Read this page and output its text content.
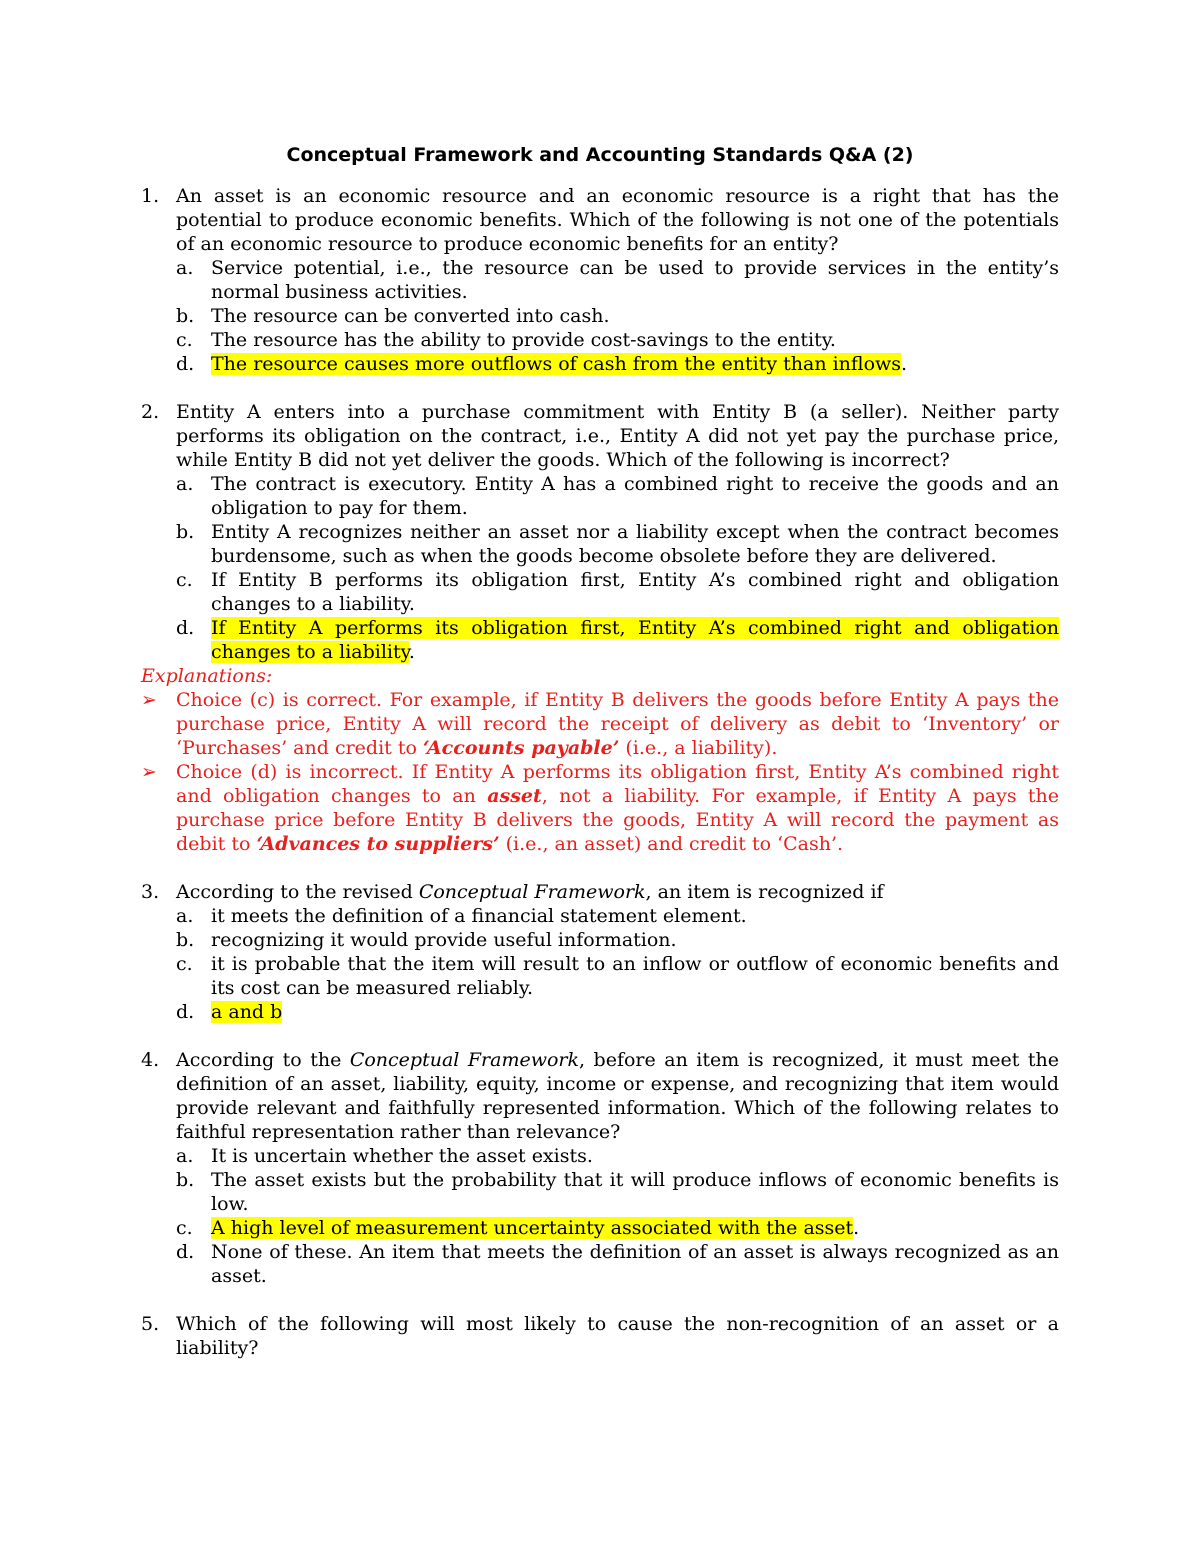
Conceptual Framework and Accounting Standards Q&A (2)
1. An asset is an economic resource and an economic resource is a right that has the potential to produce economic benefits. Which of the following is not one of the potentials of an economic resource to produce economic benefits for an entity?
a. Service potential, i.e., the resource can be used to provide services in the entity’s normal business activities.
b. The resource can be converted into cash.
c. The resource has the ability to provide cost-savings to the entity.
d. The resource causes more outflows of cash from the entity than inflows.
2. Entity A enters into a purchase commitment with Entity B (a seller). Neither party performs its obligation on the contract, i.e., Entity A did not yet pay the purchase price, while Entity B did not yet deliver the goods. Which of the following is incorrect?
a. The contract is executory. Entity A has a combined right to receive the goods and an obligation to pay for them.
b. Entity A recognizes neither an asset nor a liability except when the contract becomes burdensome, such as when the goods become obsolete before they are delivered.
c. If Entity B performs its obligation first, Entity A’s combined right and obligation changes to a liability.
d. If Entity A performs its obligation first, Entity A’s combined right and obligation changes to a liability.
Explanations:
➢	Choice (c) is correct. For example, if Entity B delivers the goods before Entity A pays the purchase price, Entity A will record the receipt of delivery as debit to ‘Inventory’ or ‘Purchases’ and credit to ‘Accounts payable’ (i.e., a liability).
➢	Choice (d) is incorrect. If Entity A performs its obligation first, Entity A’s combined right and obligation changes to an asset, not a liability. For example, if Entity A pays the purchase price before Entity B delivers the goods, Entity A will record the payment as debit to ‘Advances to suppliers’ (i.e., an asset) and credit to ‘Cash’.
3. According to the revised Conceptual Framework, an item is recognized if
a. it meets the definition of a financial statement element.
b. recognizing it would provide useful information.
c. it is probable that the item will result to an inflow or outflow of economic benefits and its cost can be measured reliably.
d. a and b
4. According to the Conceptual Framework, before an item is recognized, it must meet the definition of an asset, liability, equity, income or expense, and recognizing that item would provide relevant and faithfully represented information. Which of the following relates to faithful representation rather than relevance?
a. It is uncertain whether the asset exists.
b. The asset exists but the probability that it will produce inflows of economic benefits is low.
c. A high level of measurement uncertainty associated with the asset.
d. None of these. An item that meets the definition of an asset is always recognized as an asset.
5. Which of the following will most likely to cause the non-recognition of an asset or a liability?
